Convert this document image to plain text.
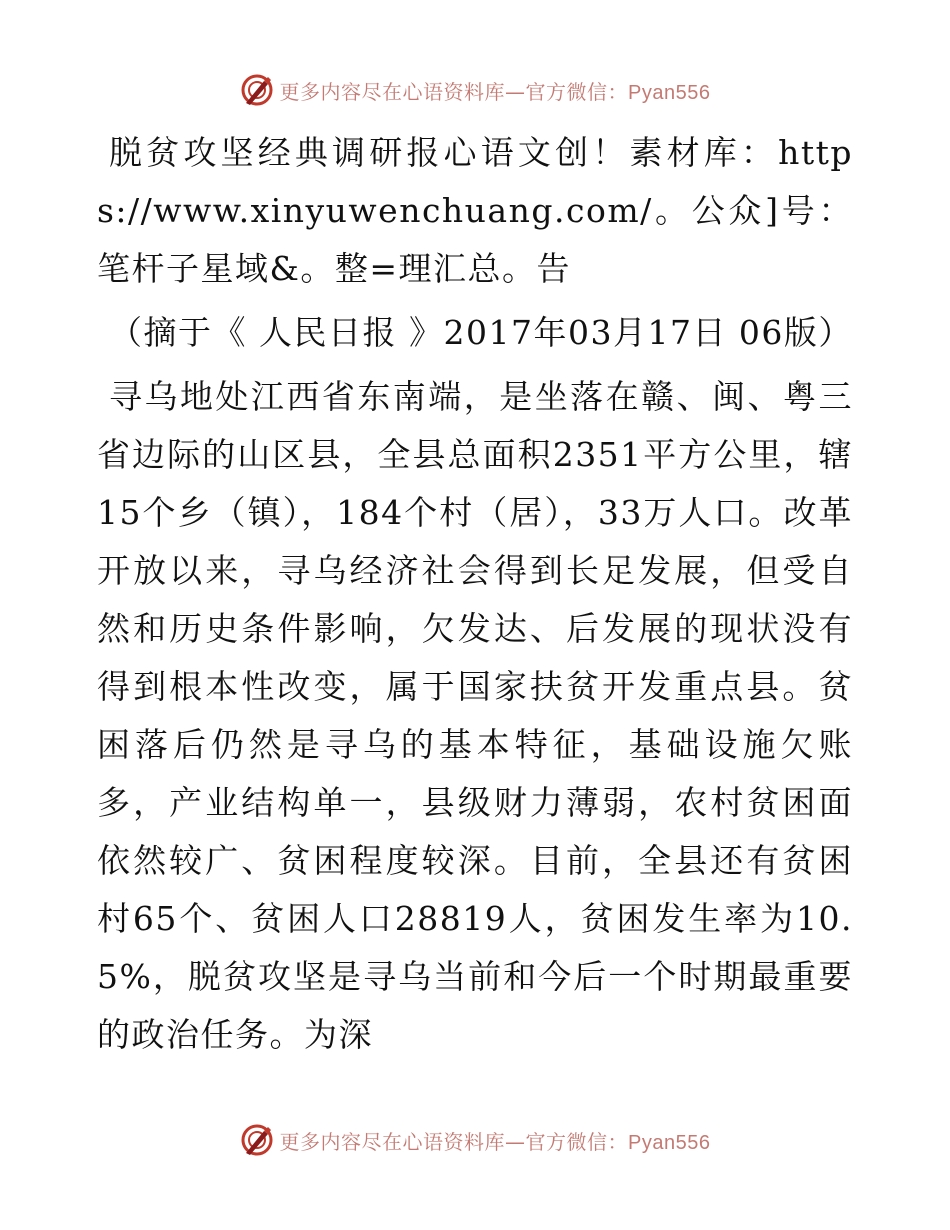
更多内容尽在心语资料库—官方微信：Pyan556

脱贫攻坚经典调研报心语文创！素材库：https://www.xinyuwenchuang.com/。公众]号：笔杆子星域&。整=理汇总。告

（摘于《 人民日报 》2017年03月17日 06版）

寻乌地处江西省东南端，是坐落在赣、闽、粤三省边际的山区县，全县总面积2351平方公里，辖15个乡（镇），184个村（居），33万人口。改革开放以来，寻乌经济社会得到长足发展，但受自然和历史条件影响，欠发达、后发展的现状没有得到根本性改变，属于国家扶贫开发重点县。贫困落后仍然是寻乌的基本特征，基础设施欠账多，产业结构单一，县级财力薄弱，农村贫困面依然较广、贫困程度较深。目前，全县还有贫困村65个、贫困人口28819人，贫困发生率为10.5%，脱贫攻坚是寻乌当前和今后一个时期最重要的政治任务。为深

更多内容尽在心语资料库—官方微信：Pyan556
